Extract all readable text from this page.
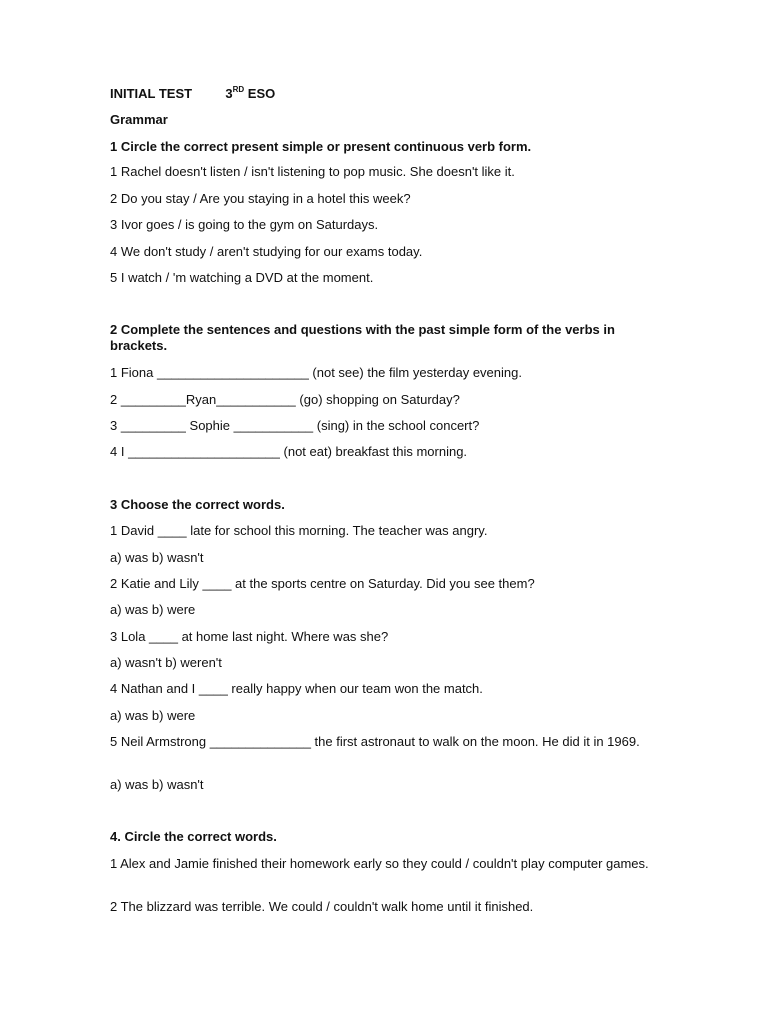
INITIAL TEST	3RD ESO

Grammar

1 Circle the correct present simple or present continuous verb form.

1 Rachel doesn't listen / isn't listening to pop music. She doesn't like it.

2 Do you stay / Are you staying in a hotel this week?

3 Ivor goes / is going to the gym on Saturdays.

4 We don't study / aren't studying for our exams today.

5 I watch / 'm watching a DVD at the moment.

2 Complete the sentences and questions with the past simple form of the verbs in brackets.

1 Fiona _____________________ (not see) the film yesterday evening.

2 _________Ryan___________ (go) shopping on Saturday?

3 _________ Sophie ___________ (sing) in the school concert?

4 I _____________________ (not eat) breakfast this morning.

3 Choose the correct words.

1 David ____ late for school this morning. The teacher was angry.

a) was b) wasn't

2 Katie and Lily ____ at the sports centre on Saturday. Did you see them?

a) was b) were

3 Lola ____ at home last night. Where was she?

a) wasn't b) weren't

4 Nathan and I ____ really happy when our team won the match.

a) was b) were

5 Neil Armstrong ______________ the first astronaut to walk on the moon. He did it in 1969.

a) was b) wasn't

4. Circle the correct words.

1 Alex and Jamie finished their homework early so they could / couldn't play computer games.

2 The blizzard was terrible. We could / couldn't walk home until it finished.
